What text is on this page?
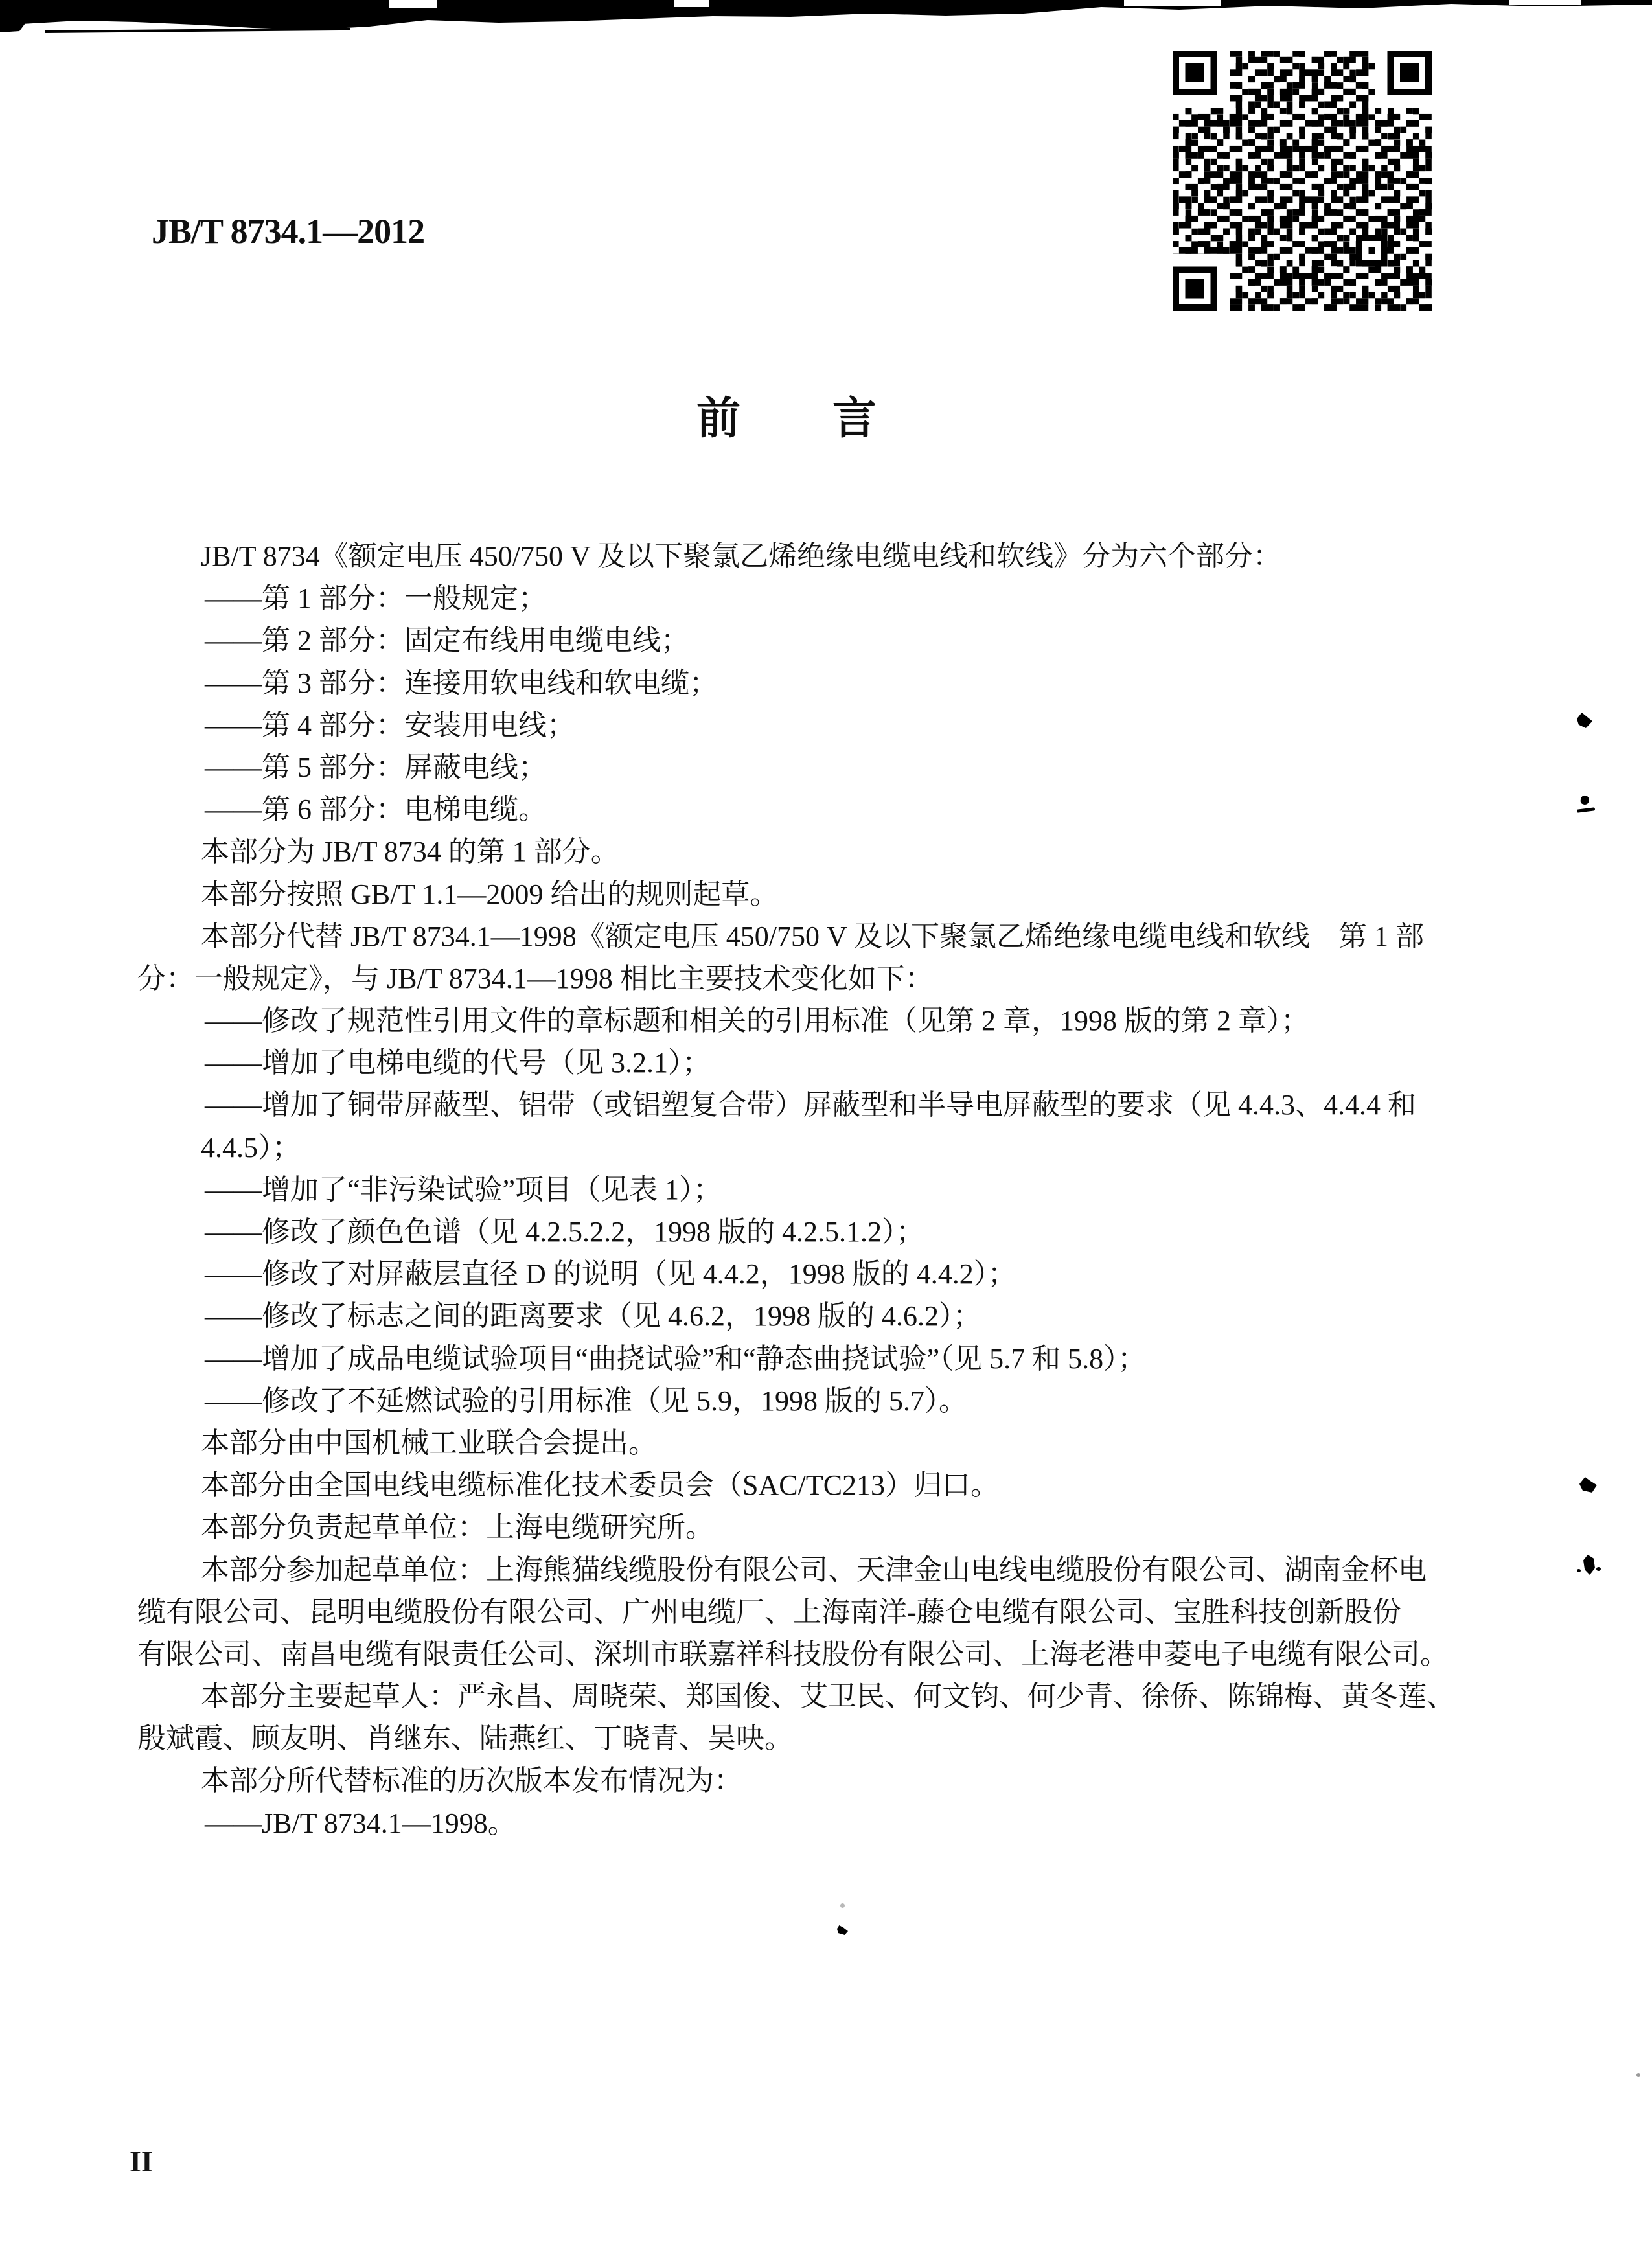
JB/T 8734.1—2012
前　　言
JB/T 8734《额定电压 450/750 V 及以下聚氯乙烯绝缘电缆电线和软线》分为六个部分：
——第 1 部分：一般规定；
——第 2 部分：固定布线用电缆电线；
——第 3 部分：连接用软电线和软电缆；
——第 4 部分：安装用电线；
——第 5 部分：屏蔽电线；
——第 6 部分：电梯电缆。
本部分为 JB/T 8734 的第 1 部分。
本部分按照 GB/T 1.1—2009 给出的规则起草。
本部分代替 JB/T 8734.1—1998《额定电压 450/750 V 及以下聚氯乙烯绝缘电缆电线和软线　第 1 部
分：一般规定》，与 JB/T 8734.1—1998 相比主要技术变化如下：
——修改了规范性引用文件的章标题和相关的引用标准（见第 2 章，1998 版的第 2 章）；
——增加了电梯电缆的代号（见 3.2.1）；
——增加了铜带屏蔽型、铝带（或铝塑复合带）屏蔽型和半导电屏蔽型的要求（见 4.4.3、4.4.4 和
4.4.5）；
——增加了“非污染试验”项目（见表 1）；
——修改了颜色色谱（见 4.2.5.2.2，1998 版的 4.2.5.1.2）；
——修改了对屏蔽层直径 D 的说明（见 4.4.2，1998 版的 4.4.2）；
——修改了标志之间的距离要求（见 4.6.2，1998 版的 4.6.2）；
——增加了成品电缆试验项目“曲挠试验”和“静态曲挠试验”（见 5.7 和 5.8）；
——修改了不延燃试验的引用标准（见 5.9，1998 版的 5.7）。
本部分由中国机械工业联合会提出。
本部分由全国电线电缆标准化技术委员会（SAC/TC213）归口。
本部分负责起草单位：上海电缆研究所。
本部分参加起草单位：上海熊猫线缆股份有限公司、天津金山电线电缆股份有限公司、湖南金杯电
缆有限公司、昆明电缆股份有限公司、广州电缆厂、上海南洋-藤仓电缆有限公司、宝胜科技创新股份
有限公司、南昌电缆有限责任公司、深圳市联嘉祥科技股份有限公司、上海老港申菱电子电缆有限公司。
本部分主要起草人：严永昌、周晓荣、郑国俊、艾卫民、何文钧、何少青、徐侨、陈锦梅、黄冬莲、
殷斌霞、顾友明、肖继东、陆燕红、丁晓青、吴吷。
本部分所代替标准的历次版本发布情况为：
——JB/T 8734.1—1998。
II
